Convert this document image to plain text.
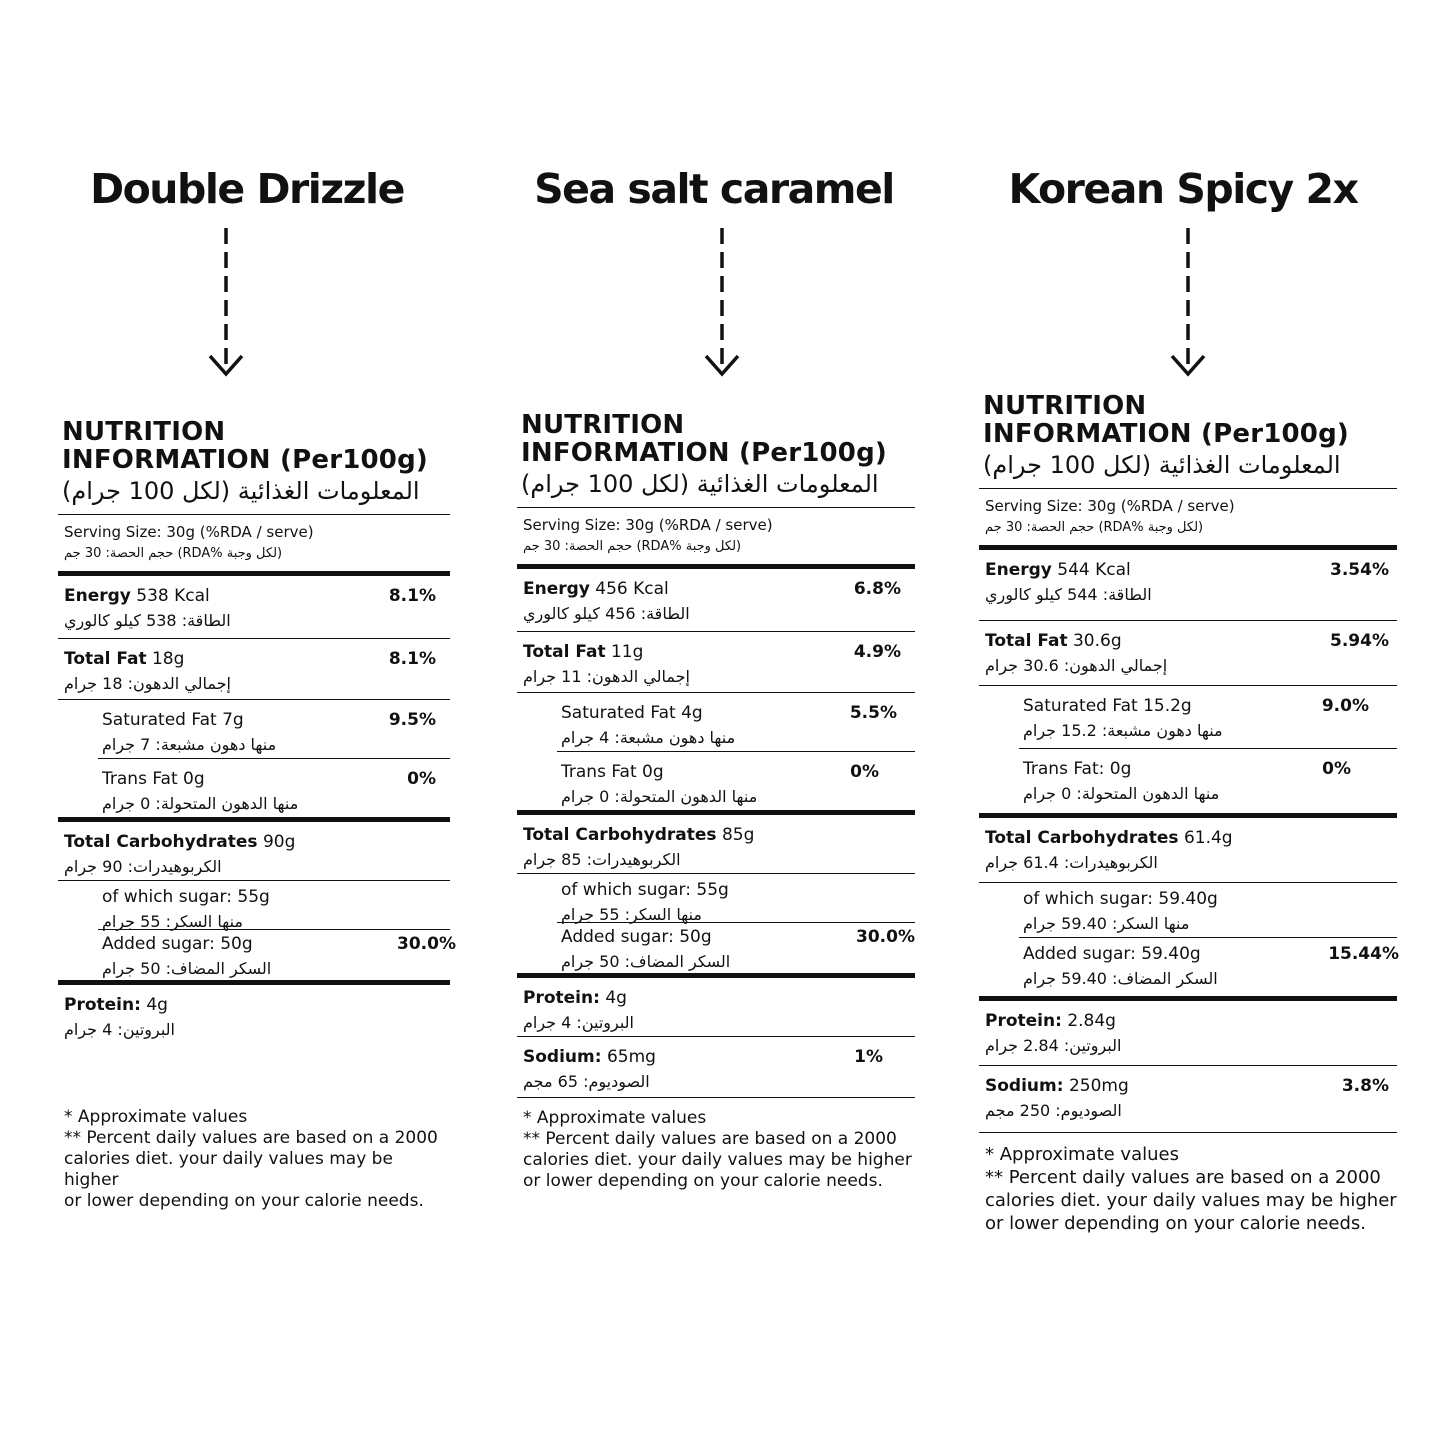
Double Drizzle
NUTRITION
INFORMATION (Per100g)
المعلومات الغذائية (لكل 100 جرام)
Serving Size: 30g (%RDA / serve)
(لكل وجبة %RDA) حجم الحصة: 30 جم
Energy 538 Kcal
الطاقة: 538 كيلو كالوري
8.1%
Total Fat 18g
إجمالي الدهون: 18 جرام
8.1%
Saturated Fat 7g
منها دهون مشبعة: 7 جرام
9.5%
Trans Fat 0g
منها الدهون المتحولة: 0 جرام
0%
Total Carbohydrates 90g
الكربوهيدرات: 90 جرام
of which sugar: 55g
منها السكر: 55 جرام
Added sugar: 50g
السكر المضاف: 50 جرام
30.0%
Protein: 4g
البروتين: 4 جرام
* Approximate values
** Percent daily values are based on a 2000
calories diet. your daily values may be higher
or lower depending on your calorie needs.
Sea salt caramel
NUTRITION
INFORMATION (Per100g)
المعلومات الغذائية (لكل 100 جرام)
Serving Size: 30g (%RDA / serve)
(لكل وجبة %RDA) حجم الحصة: 30 جم
Energy 456 Kcal
الطاقة: 456 كيلو كالوري
6.8%
Total Fat 11g
إجمالي الدهون: 11 جرام
4.9%
Saturated Fat 4g
منها دهون مشبعة: 4 جرام
5.5%
Trans Fat 0g
منها الدهون المتحولة: 0 جرام
0%
Total Carbohydrates 85g
الكربوهيدرات: 85 جرام
of which sugar: 55g
منها السكر: 55 جرام
Added sugar: 50g
السكر المضاف: 50 جرام
30.0%
Protein: 4g
البروتين: 4 جرام
Sodium: 65mg
الصوديوم: 65 مجم
1%
* Approximate values
** Percent daily values are based on a 2000
calories diet. your daily values may be higher
or lower depending on your calorie needs.
Korean Spicy 2x
NUTRITION
INFORMATION (Per100g)
المعلومات الغذائية (لكل 100 جرام)
Serving Size: 30g (%RDA / serve)
(لكل وجبة %RDA) حجم الحصة: 30 جم
Energy 544 Kcal
الطاقة: 544 كيلو كالوري
3.54%
Total Fat 30.6g
إجمالي الدهون: 30.6 جرام
5.94%
Saturated Fat 15.2g
منها دهون مشبعة: 15.2 جرام
9.0%
Trans Fat: 0g
منها الدهون المتحولة: 0 جرام
0%
Total Carbohydrates 61.4g
الكربوهيدرات: 61.4 جرام
of which sugar: 59.40g
منها السكر: 59.40 جرام
Added sugar: 59.40g
السكر المضاف: 59.40 جرام
15.44%
Protein: 2.84g
البروتين: 2.84 جرام
Sodium: 250mg
الصوديوم: 250 مجم
3.8%
* Approximate values
** Percent daily values are based on a 2000
calories diet. your daily values may be higher
or lower depending on your calorie needs.
